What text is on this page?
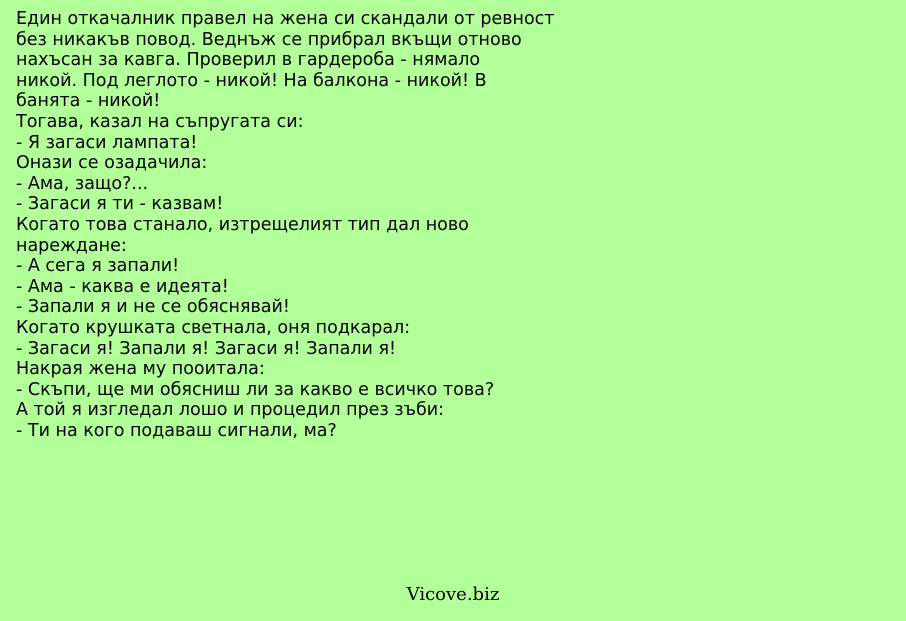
Един откачалник правел на жена си скандали от ревност
без никакъв повод. Веднъж се прибрал вкъщи отново
нахъсан за кавга. Проверил в гардероба - нямало
никой. Под леглото - никой! На балкона - никой! В
банята - никой!
Тогава, казал на съпругата си:
- Я загаси лампата!
Онази се озадачила:
- Ама, защо?...
- Загаси я ти - казвам!
Когато това станало, изтрещелият тип дал ново
нареждане:
- А сега я запали!
- Ама - каква е идеята!
- Запали я и не се обяснявай!
Когато крушката светнала, оня подкарал:
- Загаси я! Запали я! Загаси я! Запали я!
Накрая жена му пооитала:
- Скъпи, ще ми обясниш ли за какво е всичко това?
А той я изгледал лошо и процедил през зъби:
- Ти на кого подаваш сигнали, ма?
Vicove.biz
